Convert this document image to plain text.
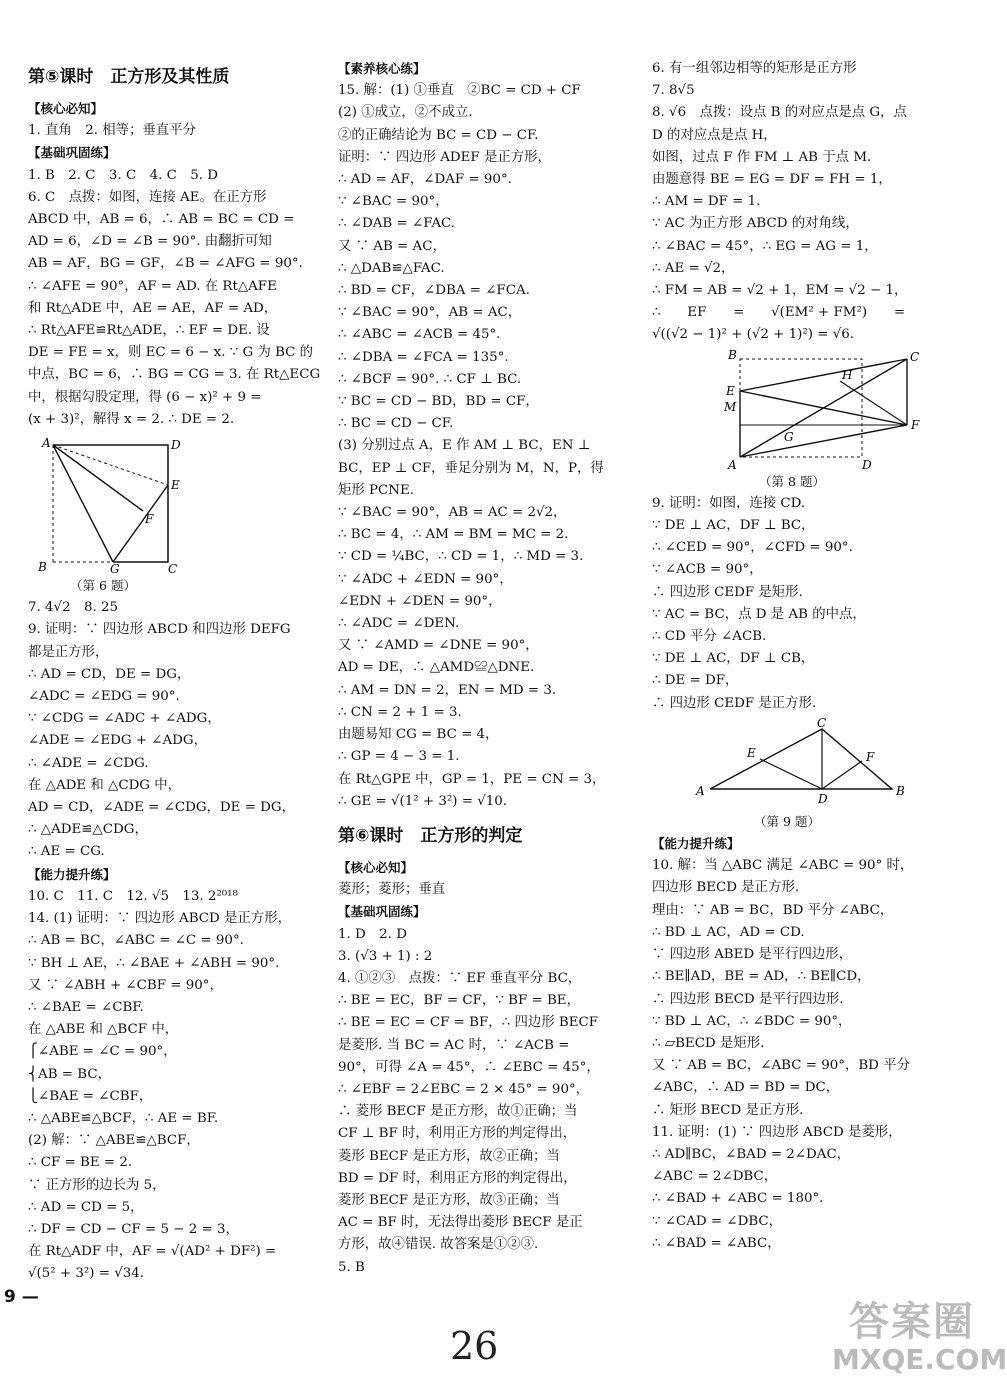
第⑤课时　正方形及其性质
【核心必知】
1. 直角　2. 相等；垂直平分
【基础巩固练】
1. B　2. C　3. C　4. C　5. D
6. C　点拨：如图，连接 AE。在正方形
ABCD 中，AB = 6，∴ AB = BC = CD =
AD = 6，∠D = ∠B = 90°. 由翻折可知
AB = AF，BG = GF，∠B = ∠AFG = 90°.
∴ ∠AFE = 90°，AF = AD. 在 Rt△AFE
和 Rt△ADE 中，AE = AE，AF = AD，
∴ Rt△AFE≌Rt△ADE，∴ EF = DE. 设
DE = FE = x，则 EC = 6 − x. ∵ G 为 BC 的
中点，BC = 6，∴ BG = CG = 3. 在 Rt△ECG
中，根据勾股定理，得 (6 − x)² + 9 =
(x + 3)²，解得 x = 2. ∴ DE = 2.
A	D
E
F
B	G	C
（第 6 题）
7. 4√2　8. 25
9. 证明：∵ 四边形 ABCD 和四边形 DEFG
都是正方形，
∴ AD = CD，DE = DG，
∠ADC = ∠EDG = 90°.
∵ ∠CDG = ∠ADC + ∠ADG，
∠ADE = ∠EDG + ∠ADG，
∴ ∠ADE = ∠CDG.
在 △ADE 和 △CDG 中，
AD = CD，∠ADE = ∠CDG，DE = DG，
∴ △ADE≌△CDG，
∴ AE = CG.
【能力提升练】
10. C　11. C　12. √5　13. 2²⁰¹⁸
14. (1) 证明：∵ 四边形 ABCD 是正方形，
∴ AB = BC，∠ABC = ∠C = 90°.
∵ BH ⊥ AE，∴ ∠BAE + ∠ABH = 90°.
又 ∵ ∠ABH + ∠CBF = 90°，
∴ ∠BAE = ∠CBF.
在 △ABE 和 △BCF 中，
⎧∠ABE = ∠C = 90°，
⎨AB = BC，
⎩∠BAE = ∠CBF，
∴ △ABE≌△BCF，∴ AE = BF.
(2) 解：∵ △ABE≌△BCF，
∴ CF = BE = 2.
∵ 正方形的边长为 5，
∴ AD = CD = 5，
∴ DF = CD − CF = 5 − 2 = 3，
在 Rt△ADF 中，AF = √(AD² + DF²) =
√(5² + 3²) = √34.
【素养核心练】
15. 解：(1) ①垂直　②BC = CD + CF
(2) ①成立，②不成立.
②的正确结论为 BC = CD − CF.
证明：∵ 四边形 ADEF 是正方形，
∴ AD = AF，∠DAF = 90°.
∵ ∠BAC = 90°，
∴ ∠DAB = ∠FAC.
又 ∵ AB = AC，
∴ △DAB≌△FAC.
∴ BD = CF，∠DBA = ∠FCA.
∵ ∠BAC = 90°，AB = AC，
∴ ∠ABC = ∠ACB = 45°.
∴ ∠DBA = ∠FCA = 135°.
∴ ∠BCF = 90°. ∴ CF ⊥ BC.
∵ BC = CD − BD，BD = CF，
∴ BC = CD − CF.
(3) 分别过点 A，E 作 AM ⊥ BC，EN ⊥
BC，EP ⊥ CF，垂足分别为 M，N，P，得
矩形 PCNE.
∵ ∠BAC = 90°，AB = AC = 2√2，
∴ BC = 4，∴ AM = BM = MC = 2.
∵ CD = ¼BC，∴ CD = 1，∴ MD = 3.
∵ ∠ADC + ∠EDN = 90°，
∠EDN + ∠DEN = 90°，
∴ ∠ADC = ∠DEN.
又 ∵ ∠AMD = ∠DNE = 90°，
AD = DE，∴ △AMD≌△DNE.
∴ AM = DN = 2，EN = MD = 3.
∴ CN = 2 + 1 = 3.
由题易知 CG = BC = 4，
∴ GP = 4 − 3 = 1.
在 Rt△GPE 中，GP = 1，PE = CN = 3，
∴ GE = √(1² + 3²) = √10.
第⑥课时　正方形的判定
【核心必知】
菱形；菱形；垂直
【基础巩固练】
1. D　2. D
3. (√3 + 1) : 2
4. ①②③　点拨：∵ EF 垂直平分 BC，
∴ BE = EC，BF = CF，∵ BF = BE，
∴ BE = EC = CF = BF，∴ 四边形 BECF
是菱形. 当 BC = AC 时，∵ ∠ACB =
90°，可得 ∠A = 45°，∴ ∠EBC = 45°，
∴ ∠EBF = 2∠EBC = 2 × 45° = 90°，
∴ 菱形 BECF 是正方形，故①正确；当
CF ⊥ BF 时，利用正方形的判定得出，
菱形 BECF 是正方形，故②正确；当
BD = DF 时，利用正方形的判定得出，
菱形 BECF 是正方形，故③正确；当
AC = BF 时，无法得出菱形 BECF 是正
方形，故④错误. 故答案是①②③.
5. B
6. 有一组邻边相等的矩形是正方形
7. 8√5
8. √6　点拨：设点 B 的对应点是点 G，点
D 的对应点是点 H，
如图，过点 F 作 FM ⊥ AB 于点 M.
由题意得 BE = EG = DF = FH = 1，
∴ AM = DF = 1.
∵ AC 为正方形 ABCD 的对角线，
∴ ∠BAC = 45°，∴ EG = AG = 1，
∴ AE = √2，
∴ FM = AB = √2 + 1，EM = √2 − 1，
∴　　EF　　=　　√(EM² + FM²)　　=
√((√2 − 1)² + (√2 + 1)²) = √6.
B	C
H
E
M
F
G
A	D
（第 8 题）
9. 证明：如图，连接 CD.
∵ DE ⊥ AC，DF ⊥ BC，
∴ ∠CED = 90°，∠CFD = 90°.
∵ ∠ACB = 90°，
∴ 四边形 CEDF 是矩形.
∵ AC = BC，点 D 是 AB 的中点，
∴ CD 平分 ∠ACB.
∵ DE ⊥ AC，DF ⊥ CB，
∴ DE = DF，
∴ 四边形 CEDF 是正方形.
C
E	F
A
D
B
（第 9 题）
【能力提升练】
10. 解：当 △ABC 满足 ∠ABC = 90° 时，
四边形 BECD 是正方形.
理由：∵ AB = BC，BD 平分 ∠ABC，
∴ BD ⊥ AC，AD = CD.
∵ 四边形 ABED 是平行四边形，
∴ BE∥AD，BE = AD，∴ BE∥CD，
∴ 四边形 BECD 是平行四边形.
∵ BD ⊥ AC，∴ ∠BDC = 90°，
∴ ▱BECD 是矩形.
又 ∵ AB = BC，∠ABC = 90°，BD 平分
∠ABC，∴ AD = BD = DC，
∴ 矩形 BECD 是正方形.
11. 证明：(1) ∵ 四边形 ABCD 是菱形，
∴ AD∥BC，∠BAD = 2∠DAC，
∠ABC = 2∠DBC，
∴ ∠BAD + ∠ABC = 180°.
∵ ∠CAD = ∠DBC，
∴ ∠BAD = ∠ABC，
9 —
26
答案圈
MXQE.COM
